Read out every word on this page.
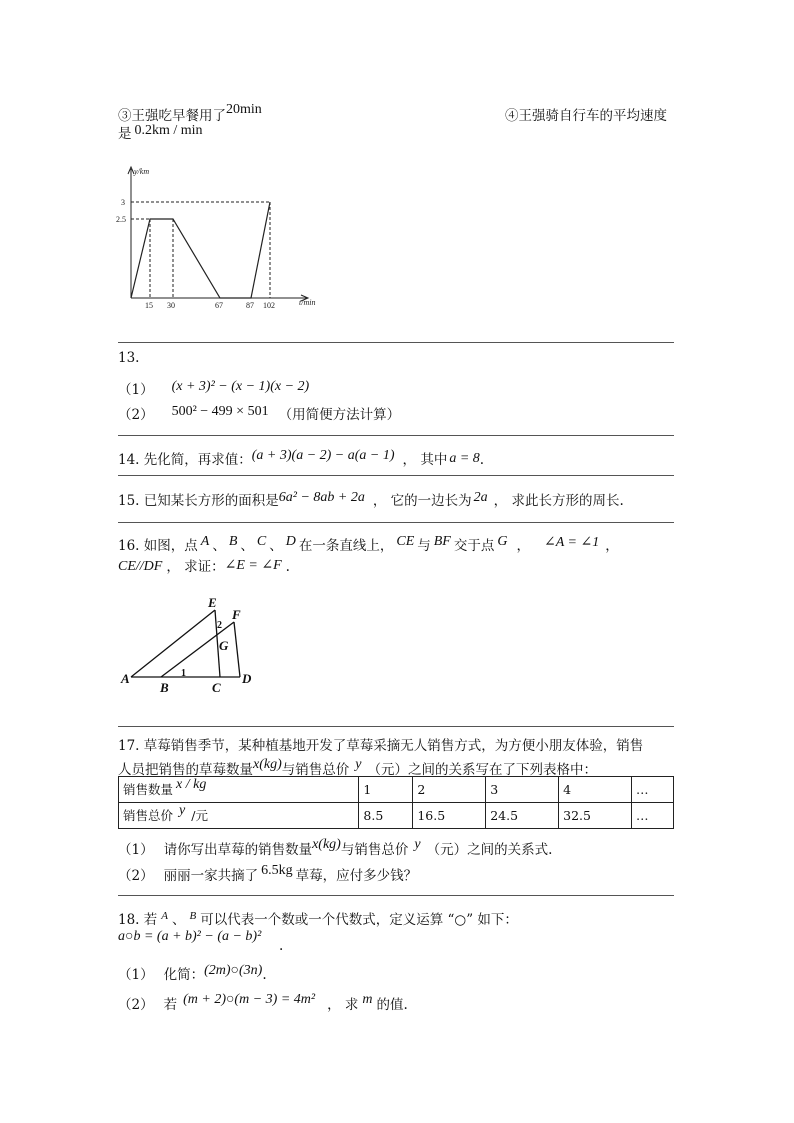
③王强吃早餐用了20min	④王强骑自行车的平均速度
是 0.2km / min
y/km
t/min
3
2.5
15 30	67	87 102
13.
（1） (x + 3)² − (x − 1)(x − 2)
（2） 500² − 499 × 501 （用简便方法计算）
14. 先化简，再求值：(a + 3)(a − 2) − a(a − 1) ， 其中 a = 8.
15. 已知某长方形的面积是6a² − 8ab + 2a ， 它的一边长为 2a ， 求此长方形的周长.
16. 如图，点 A 、 B 、 C 、 D 在一条直线上， CE 与 BF 交于点 G ， ∠A = ∠1 ，
CE//DF ， 求证：∠E = ∠F .
E
F
G
A
B	C
D
1
2
17. 草莓销售季节，某种植基地开发了草莓采摘无人销售方式，为方便小朋友体验，销售
人员把销售的草莓数量x(kg)与销售总价 y （元）之间的关系写在了下列表格中：
销售数量 x / kg	1	2	3	4	…
销售总价 y /元	8.5	16.5	24.5	32.5	…
（1） 请你写出草莓的销售数量x(kg)与销售总价 y （元）之间的关系式.
（2） 丽丽一家共摘了 6.5kg 草莓，应付多少钱？
18. 若 $^A$ 、 $^B$ 可以代表一个数或一个代数式，定义运算 “○” 如下：
a○b = (a + b)² − (a − b)²
.
（1） 化简：(2m)○(3n).
（2） 若 (m + 2)○(m − 3) = 4m² ， 求 m 的值.
